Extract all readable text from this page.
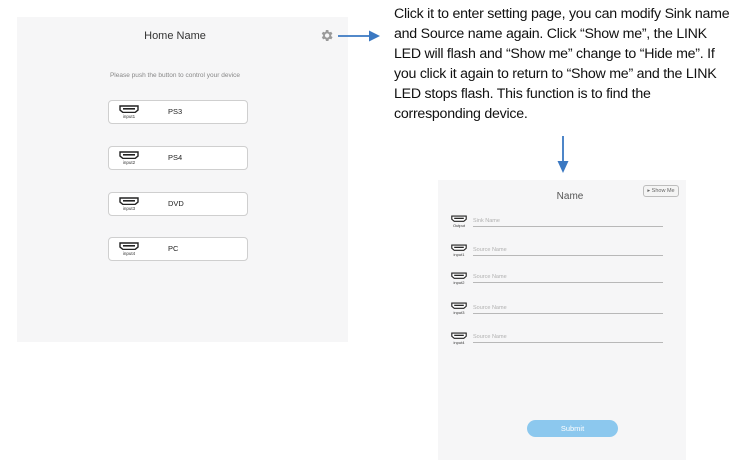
Home Name
Please push the button to control your device
input1
PS3
input2
PS4
input3
DVD
input4
PC
Click it to enter setting page, you can modify Sink name and Source name again. Click “Show me”, the LINK LED will flash and “Show me” change to “Hide me”. If you click it again to return to “Show me” and the LINK LED stops flash. This function is to find the corresponding device.
Name	▸ Show Me
Output
Sink Name
input1
Source Name
input2
Source Name
input3
Source Name
input4
Source Name
Submit
